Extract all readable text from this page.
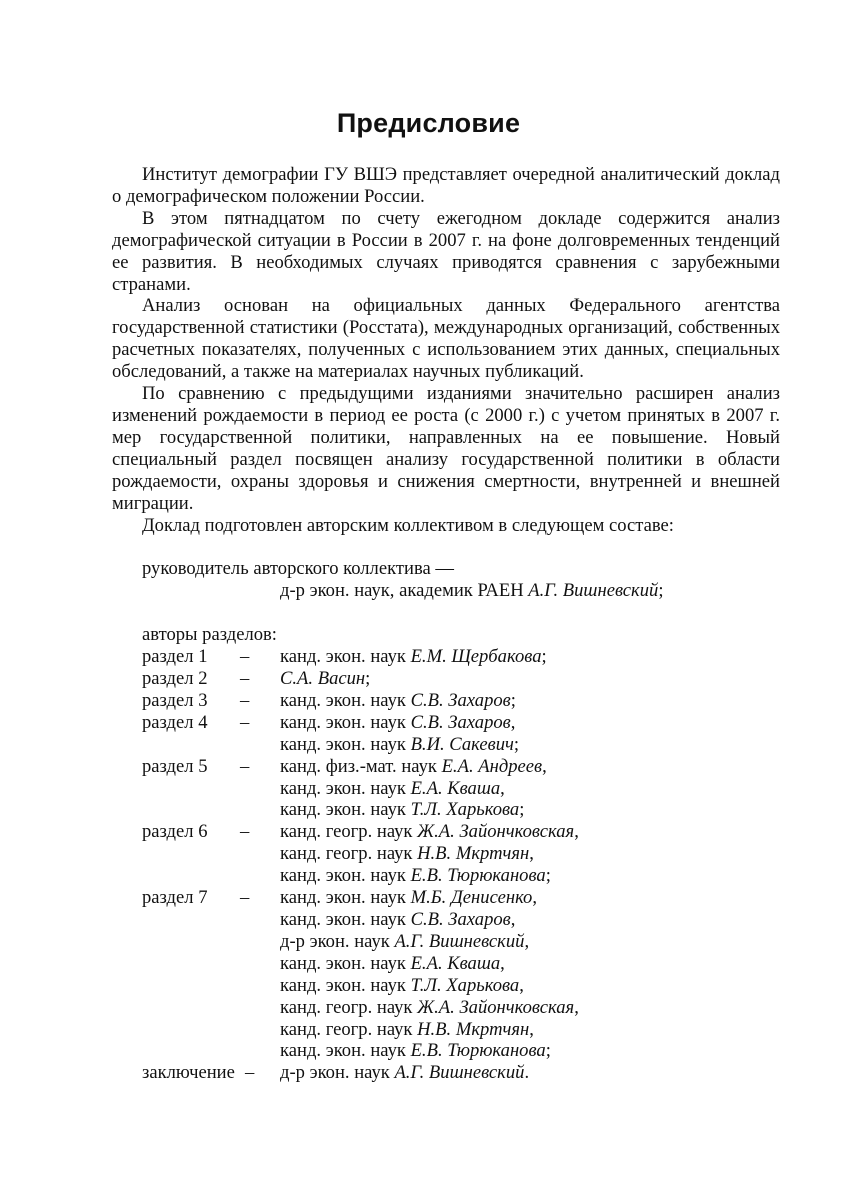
Предисловие

Институт демографии ГУ ВШЭ представляет очередной аналитический доклад о демографическом положении России.

В этом пятнадцатом по счету ежегодном докладе содержится анализ демографической ситуации в России в 2007 г. на фоне долговременных тенденций ее развития. В необходимых случаях приводятся сравнения с зарубежными странами.

Анализ основан на официальных данных Федерального агентства государственной статистики (Росстата), международных организаций, собственных расчетных показателях, полученных с использованием этих данных, специальных обследований, а также на материалах научных публикаций.

По сравнению с предыдущими изданиями значительно расширен анализ изменений рождаемости в период ее роста (с 2000 г.) с учетом принятых в 2007 г. мер государственной политики, направленных на ее повышение. Новый специальный раздел посвящен анализу государственной политики в области рождаемости, охраны здоровья и снижения смертности, внутренней и внешней миграции.

Доклад подготовлен авторским коллективом в следующем составе:

руководитель авторского коллектива —
д-р экон. наук, академик РАЕН А.Г. Вишневский;
авторы разделов:
раздел 1	–	канд. экон. наук Е.М. Щербакова;
раздел 2	–	С.А. Васин;
раздел 3	–	канд. экон. наук С.В. Захаров;
раздел 4	–	канд. экон. наук С.В. Захаров,
канд. экон. наук В.И. Сакевич;
раздел 5	–	канд. физ.-мат. наук Е.А. Андреев,
канд. экон. наук Е.А. Кваша,
канд. экон. наук Т.Л. Харькова;
раздел 6	–	канд. геогр. наук Ж.А. Зайончковская,
канд. геогр. наук Н.В. Мкртчян,
канд. экон. наук Е.В. Тюрюканова;
раздел 7	–	канд. экон. наук М.Б. Денисенко,
канд. экон. наук С.В. Захаров,
д-р экон. наук А.Г. Вишневский,
канд. экон. наук Е.А. Кваша,
канд. экон. наук Т.Л. Харькова,
канд. геогр. наук Ж.А. Зайончковская,
канд. геогр. наук Н.В. Мкртчян,
канд. экон. наук Е.В. Тюрюканова;
заключение –	д-р экон. наук А.Г. Вишневский.
